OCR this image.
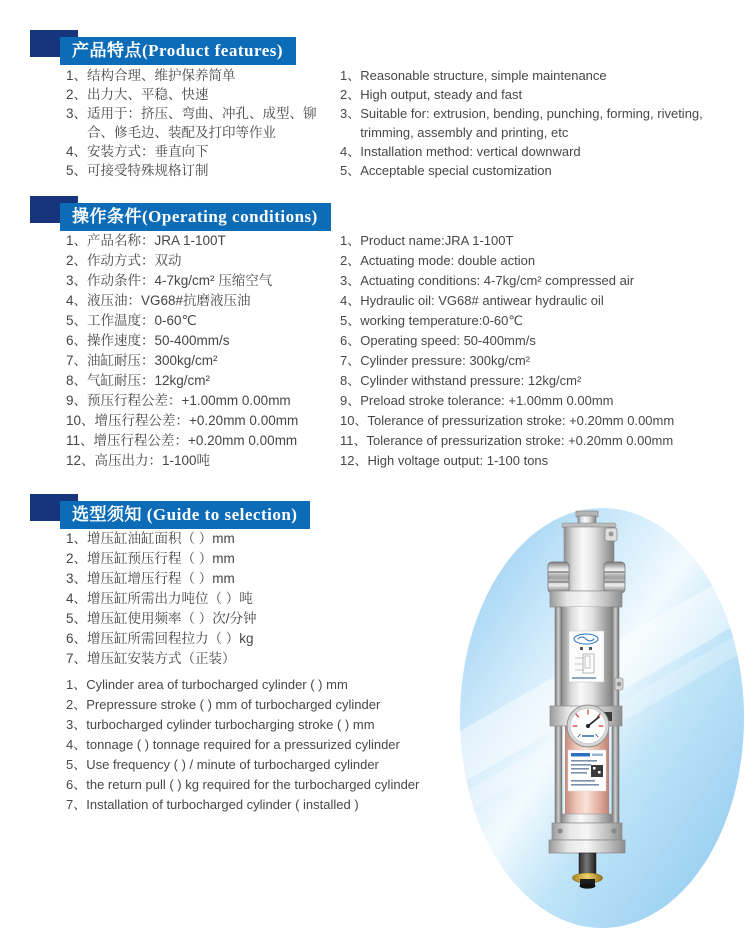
产品特点(Product features)
1、 结构合理、维护保养简单
2、 出力大、平稳、快速
3、 适用于：挤压、弯曲、冲孔、成型、铆合、修毛边、装配及打印等作业
4、 安装方式：垂直向下
5、 可接受特殊规格订制
1、 Reasonable structure, simple maintenance
2、 High output, steady and fast
3、 Suitable for: extrusion, bending, punching, forming, riveting, trimming, assembly and printing, etc
4、 Installation method: vertical downward
5、 Acceptable special customization
操作条件(Operating conditions)
1、 产品名称：JRA 1-100T
2、 作动方式：双动
3、 作动条件：4-7kg/cm² 压缩空气
4、 液压油：VG68#抗磨液压油
5、 工作温度：0-60℃
6、 操作速度：50-400mm/s
7、 油缸耐压：300kg/cm²
8、 气缸耐压：12kg/cm²
9、 预压行程公差：+1.00mm 0.00mm
10、 增压行程公差：+0.20mm 0.00mm
11、 增压行程公差：+0.20mm 0.00mm
12、 高压出力：1-100吨
1、 Product name:JRA 1-100T
2、 Actuating mode: double action
3、 Actuating conditions: 4-7kg/cm² compressed air
4、 Hydraulic oil: VG68# antiwear hydraulic oil
5、 working temperature:0-60℃
6、 Operating speed: 50-400mm/s
7、 Cylinder pressure: 300kg/cm²
8、 Cylinder withstand pressure: 12kg/cm²
9、 Preload stroke tolerance: +1.00mm 0.00mm
10、 Tolerance of pressurization stroke: +0.20mm 0.00mm
11、 Tolerance of pressurization stroke: +0.20mm 0.00mm
12、 High voltage output: 1-100 tons
选型须知 (Guide to selection)
1、 增压缸油缸面积（ ）mm
2、 增压缸预压行程（ ）mm
3、 增压缸增压行程（ ）mm
4、 增压缸所需出力吨位（ ）吨
5、 增压缸使用频率（ ）次/分钟
6、 增压缸所需回程拉力（ ）kg
7、 增压缸安装方式（正装）
1、 Cylinder area of turbocharged cylinder ( ) mm
2、 Prepressure stroke ( ) mm of turbocharged cylinder
3、 turbocharged cylinder turbocharging stroke ( ) mm
4、 tonnage ( ) tonnage required for a pressurized cylinder
5、 Use frequency ( ) / minute of turbocharged cylinder
6、 the return pull ( ) kg required for the turbocharged cylinder
7、 Installation of turbocharged cylinder ( installed )
